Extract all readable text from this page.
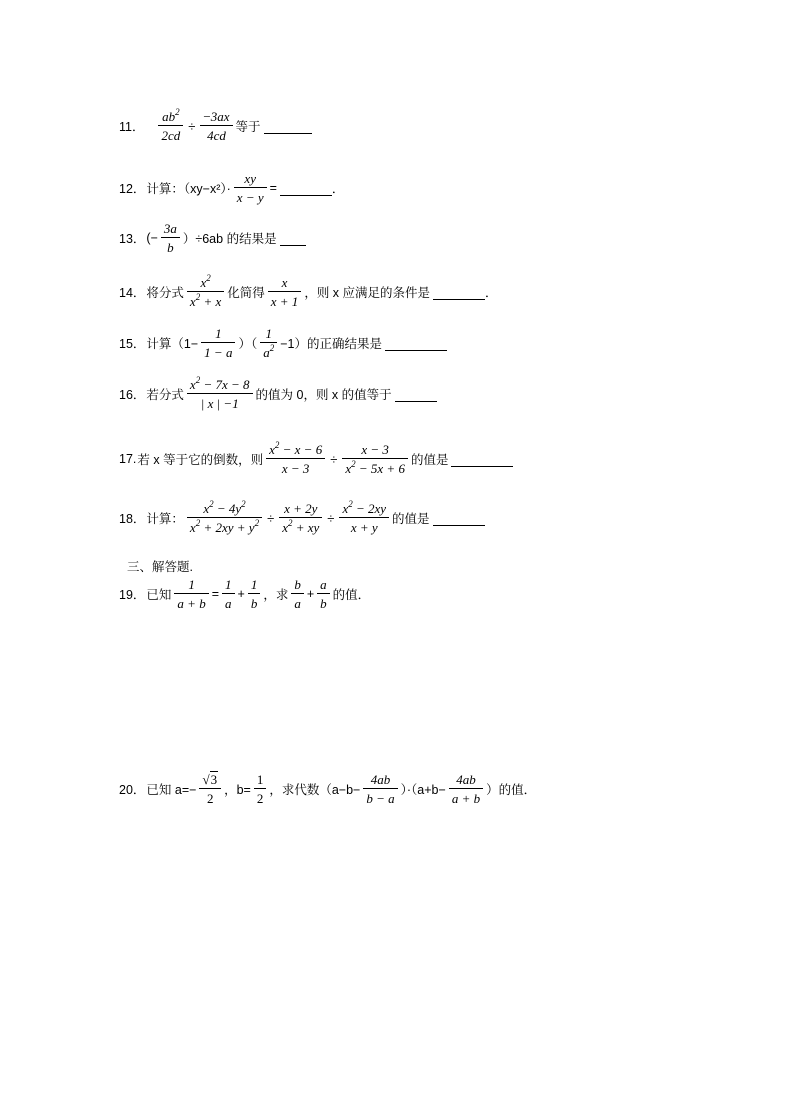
11． $\frac{ab^2}{2cd} \div \frac{-3ax}{4cd}$ 等于
12． 计算：$(xy-x^2)\cdot \frac{xy}{x - y}$ =	．
13． (− $\frac{3a}{b} )\div 6ab$ 的结果是
14． 将分式 $\frac{x^2}{x^2 + x}$ 化简得 $\frac{x}{x + 1}$ ，则 x 应满足的条件是	．
15． 计算（$1- \frac{1}{1 - a}$ ）（ $\frac{1}{a^2} -1$）的正确结果是
16． 若分式 $\frac{x^2 - 7x - 8}{| x | -1}$ 的值为 0，则 x 的值等于
17. 若 x 等于它的倒数，则 $\frac{x^2 - x - 6}{x - 3} \div \frac{x - 3}{x^2 - 5x + 6}$ 的值是
18． 计算： $\frac{x^2 - 4y^2}{x^2 + 2xy + y^2} \div \frac{x + 2y}{x^2 + xy} \div \frac{x^2 - 2xy}{x + y}$ 的值是
三、解答题.
19． 已知 $\frac{1}{a + b} = \frac{1}{a} + \frac{1}{b}$ ，求 $\frac{b}{a} + \frac{a}{b}$ 的值．
20． 已知 $a=- \frac{√3}{2}$ ，$b= \frac{1}{2}$ ，求代数$(a-b- \frac{4ab}{b - a} )\cdot(a+b- \frac{4ab}{a + b}$ ）的值．
